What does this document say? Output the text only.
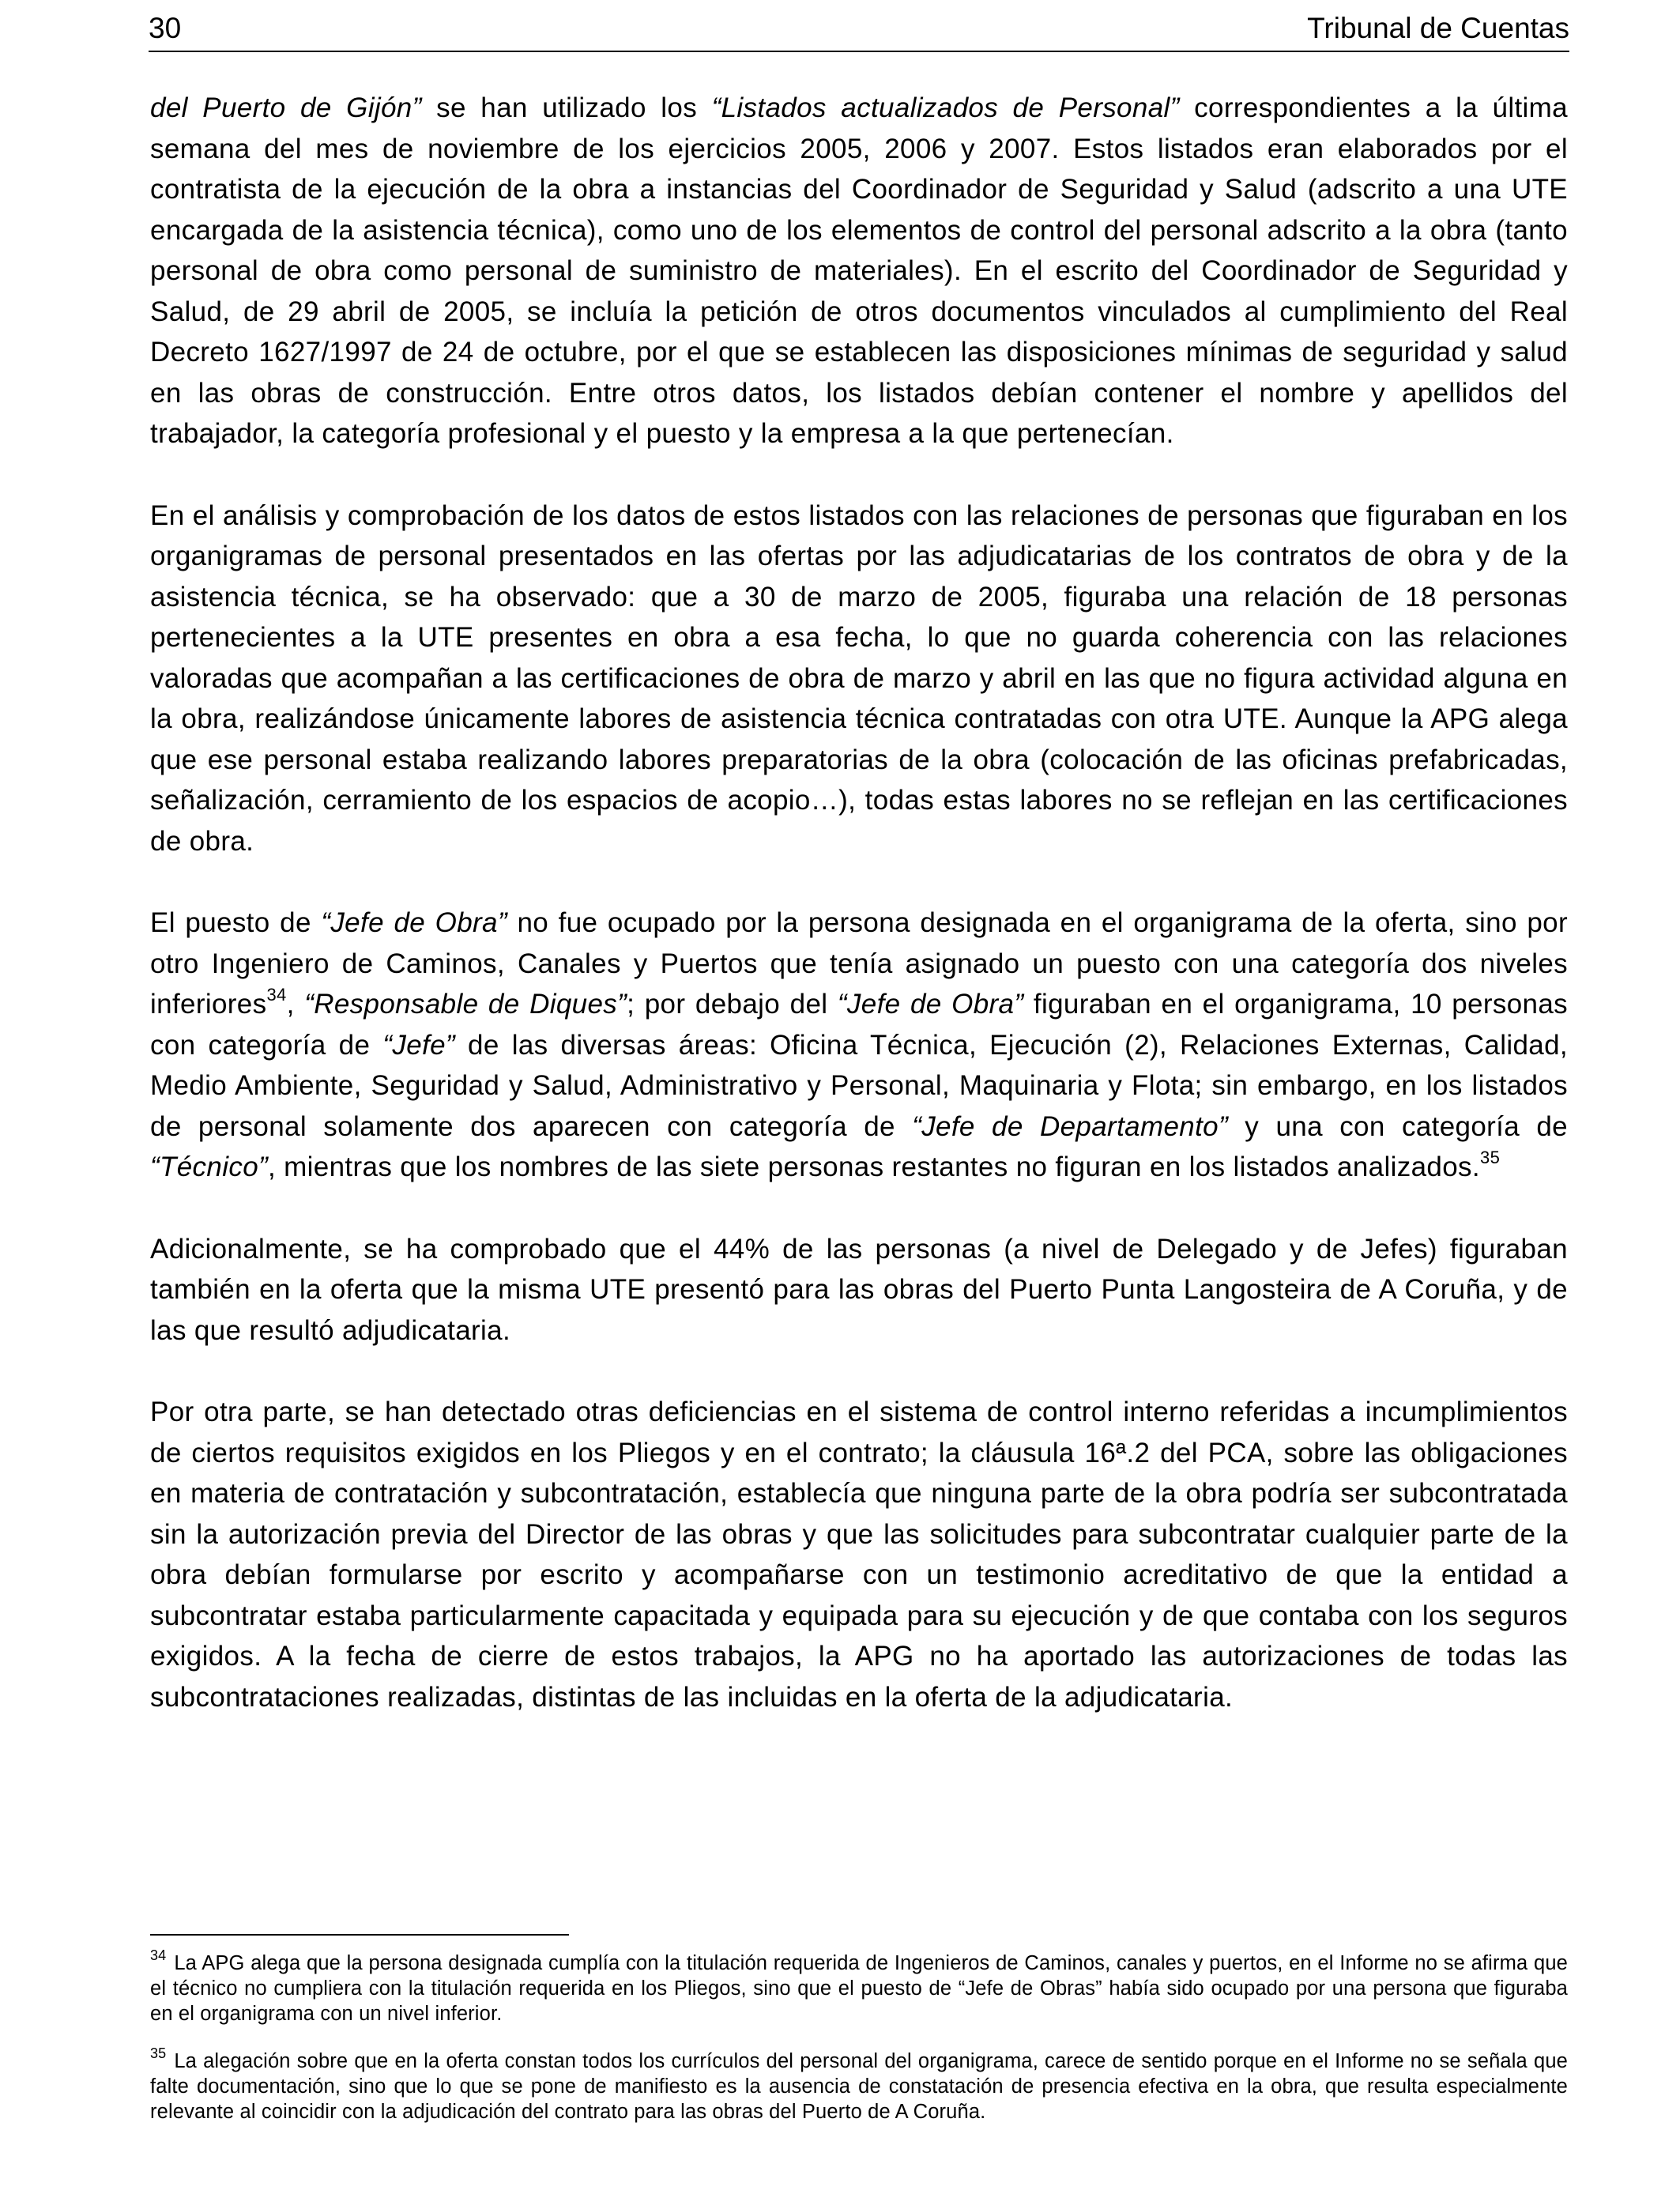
30	Tribunal de Cuentas

del Puerto de Gijón” se han utilizado los “Listados actualizados de Personal” correspondientes a la última semana del mes de noviembre de los ejercicios 2005, 2006 y 2007. Estos listados eran elaborados por el contratista de la ejecución de la obra a instancias del Coordinador de Seguridad y Salud (adscrito a una UTE encargada de la asistencia técnica), como uno de los elementos de control del personal adscrito a la obra (tanto personal de obra como personal de suministro de materiales). En el escrito del Coordinador de Seguridad y Salud, de 29 abril de 2005, se incluía la petición de otros documentos vinculados al cumplimiento del Real Decreto 1627/1997 de 24 de octubre, por el que se establecen las disposiciones mínimas de seguridad y salud en las obras de construcción. Entre otros datos, los listados debían contener el nombre y apellidos del trabajador, la categoría profesional y el puesto y la empresa a la que pertenecían.

En el análisis y comprobación de los datos de estos listados con las relaciones de personas que figuraban en los organigramas de personal presentados en las ofertas por las adjudicatarias de los contratos de obra y de la asistencia técnica, se ha observado: que a 30 de marzo de 2005, figuraba una relación de 18 personas pertenecientes a la UTE presentes en obra a esa fecha, lo que no guarda coherencia con las relaciones valoradas que acompañan a las certificaciones de obra de marzo y abril en las que no figura actividad alguna en la obra, realizándose únicamente labores de asistencia técnica contratadas con otra UTE. Aunque la APG alega que ese personal estaba realizando labores preparatorias de la obra (colocación de las oficinas prefabricadas, señalización, cerramiento de los espacios de acopio…), todas estas labores no se reflejan en las certificaciones de obra.

El puesto de “Jefe de Obra” no fue ocupado por la persona designada en el organigrama de la oferta, sino por otro Ingeniero de Caminos, Canales y Puertos que tenía asignado un puesto con una categoría dos niveles inferiores$^{34}$, “Responsable de Diques”; por debajo del “Jefe de Obra” figuraban en el organigrama, 10 personas con categoría de “Jefe” de las diversas áreas: Oficina Técnica, Ejecución (2), Relaciones Externas, Calidad, Medio Ambiente, Seguridad y Salud, Administrativo y Personal, Maquinaria y Flota; sin embargo, en los listados de personal solamente dos aparecen con categoría de “Jefe de Departamento” y una con categoría de “Técnico”, mientras que los nombres de las siete personas restantes no figuran en los listados analizados.$^{35}$

Adicionalmente, se ha comprobado que el 44% de las personas (a nivel de Delegado y de Jefes) figuraban también en la oferta que la misma UTE presentó para las obras del Puerto Punta Langosteira de A Coruña, y de las que resultó adjudicataria.

Por otra parte, se han detectado otras deficiencias en el sistema de control interno referidas a incumplimientos de ciertos requisitos exigidos en los Pliegos y en el contrato; la cláusula 16ª.2 del PCA, sobre las obligaciones en materia de contratación y subcontratación, establecía que ninguna parte de la obra podría ser subcontratada sin la autorización previa del Director de las obras y que las solicitudes para subcontratar cualquier parte de la obra debían formularse por escrito y acompañarse con un testimonio acreditativo de que la entidad a subcontratar estaba particularmente capacitada y equipada para su ejecución y de que contaba con los seguros exigidos. A la fecha de cierre de estos trabajos, la APG no ha aportado las autorizaciones de todas las subcontrataciones realizadas, distintas de las incluidas en la oferta de la adjudicataria.

$^{34}$ La APG alega que la persona designada cumplía con la titulación requerida de Ingenieros de Caminos, canales y puertos, en el Informe no se afirma que el técnico no cumpliera con la titulación requerida en los Pliegos, sino que el puesto de “Jefe de Obras” había sido ocupado por una persona que figuraba en el organigrama con un nivel inferior.

$^{35}$ La alegación sobre que en la oferta constan todos los currículos del personal del organigrama, carece de sentido porque en el Informe no se señala que falte documentación, sino que lo que se pone de manifiesto es la ausencia de constatación de presencia efectiva en la obra, que resulta especialmente relevante al coincidir con la adjudicación del contrato para las obras del Puerto de A Coruña.
